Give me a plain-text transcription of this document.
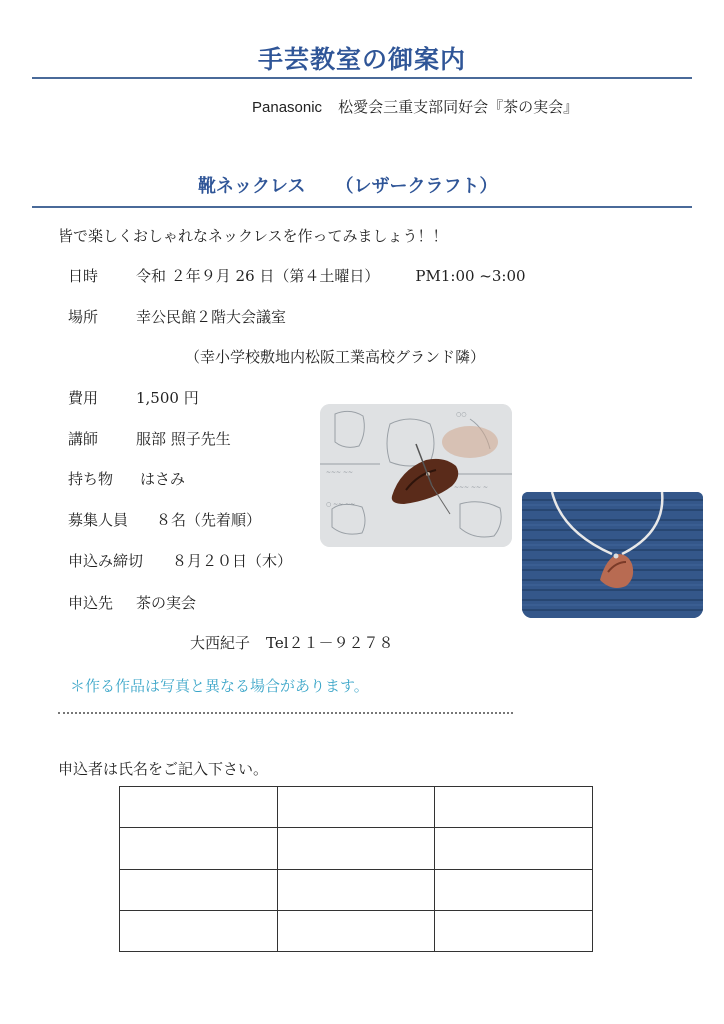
手芸教室の御案内
Panasonic 松愛会三重支部同好会『茶の実会』
靴ネックレス （レザークラフト）
皆で楽しくおしゃれなネックレスを作ってみましょう！！
日時	令和 ２年９月 26 日（第４土曜日） PM1:00 ~3:00
場所	幸公民館２階大会議室
（幸小学校敷地内松阪工業高校グランド隣）
費用	1,500 円
講師	服部 照子先生
持ち物 はさみ
募集人員 ８名（先着順）
申込み締切 ８月２０日（木）
申込先 茶の実会
大西紀子 Tel２１－９２７８
＊作る作品は写真と異なる場合があります。
申込者は氏名をご記入下さい。

○○
~~~ ~~
○ ~~ ~~
~~~ ~~ ~
